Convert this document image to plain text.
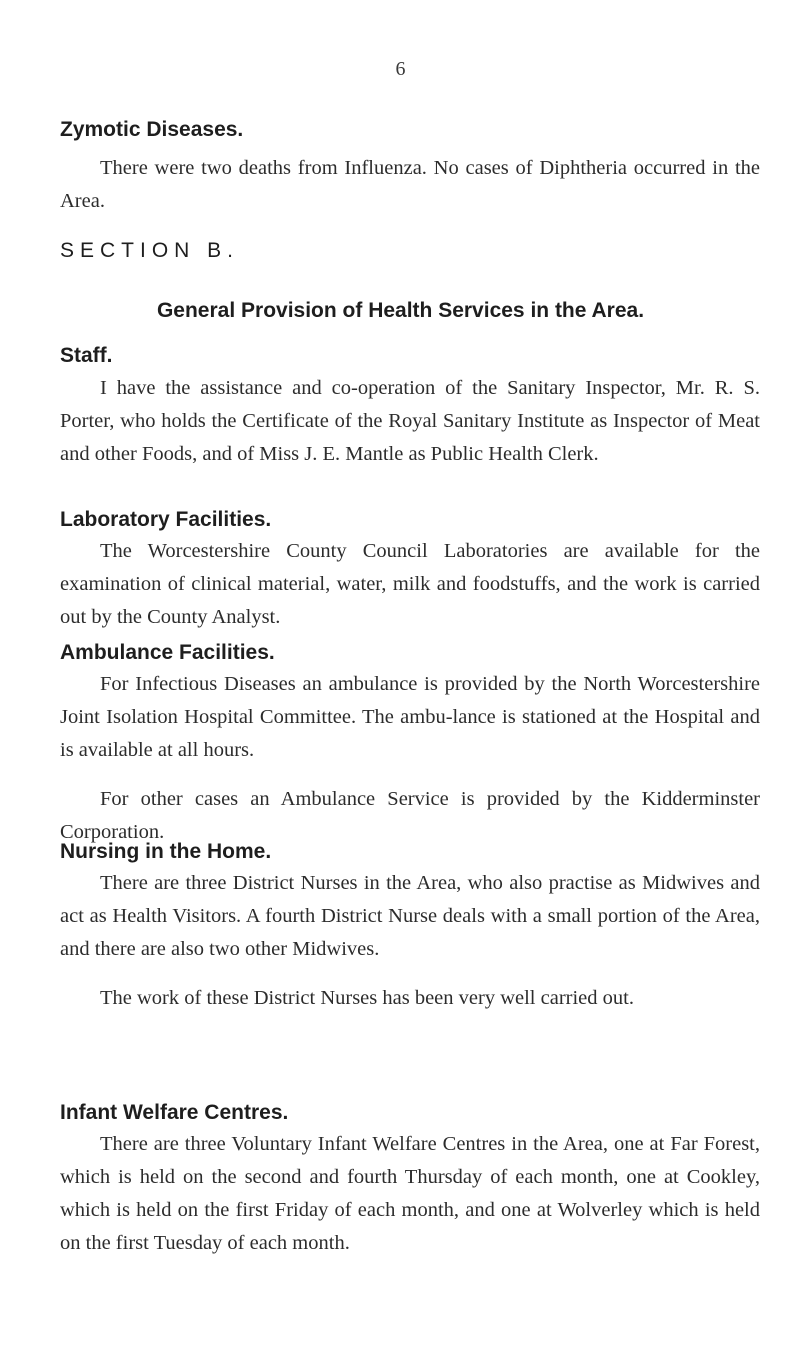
6
Zymotic Diseases.

There were two deaths from Influenza. No cases of Diphtheria occurred in the Area.

SECTION B.
General Provision of Health Services in the Area.
Staff.

I have the assistance and co-operation of the Sanitary Inspector, Mr. R. S. Porter, who holds the Certificate of the Royal Sanitary Institute as Inspector of Meat and other Foods, and of Miss J. E. Mantle as Public Health Clerk.

Laboratory Facilities.

The Worcestershire County Council Laboratories are available for the examination of clinical material, water, milk and foodstuffs, and the work is carried out by the County Analyst.

Ambulance Facilities.

For Infectious Diseases an ambulance is provided by the North Worcestershire Joint Isolation Hospital Committee. The ambu-lance is stationed at the Hospital and is available at all hours.

For other cases an Ambulance Service is provided by the Kidderminster Corporation.

Nursing in the Home.

There are three District Nurses in the Area, who also practise as Midwives and act as Health Visitors. A fourth District Nurse deals with a small portion of the Area, and there are also two other Midwives.

The work of these District Nurses has been very well carried out.

Infant Welfare Centres.

There are three Voluntary Infant Welfare Centres in the Area, one at Far Forest, which is held on the second and fourth Thursday of each month, one at Cookley, which is held on the first Friday of each month, and one at Wolverley which is held on the first Tuesday of each month.
